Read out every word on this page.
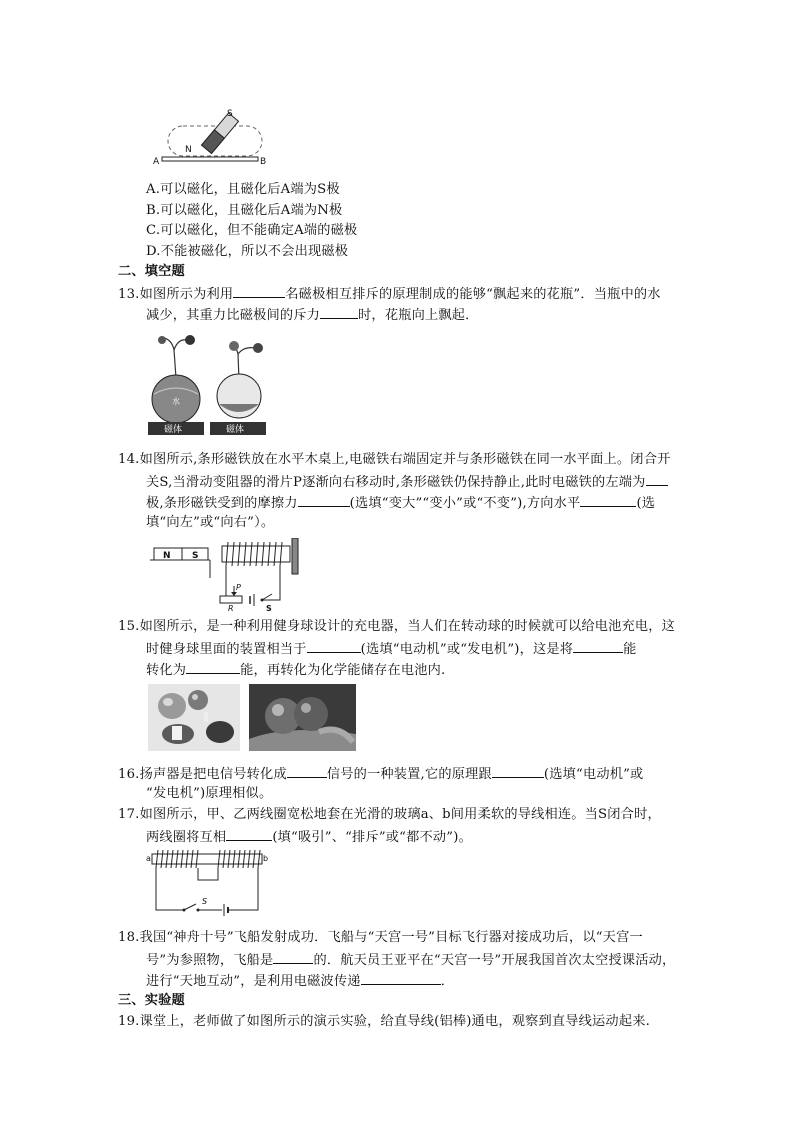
S
N
A	B
A.可以磁化，且磁化后A端为S极
B.可以磁化，且磁化后A端为N极
C.可以磁化，但不能确定A端的磁极
D.不能被磁化，所以不会出现磁极
二、填空题
13.如图所示为利用	名磁极相互排斥的原理制成的能够“飘起来的花瓶”．当瓶中的水
减少，其重力比磁极间的斥力	时，花瓶向上飘起．
水
磁体	磁体
14.如图所示,条形磁铁放在水平木桌上,电磁铁右端固定并与条形磁铁在同一水平面上。闭合开
关S,当滑动变阻器的滑片P逐渐向右移动时,条形磁铁仍保持静止,此时电磁铁的左端为
极,条形磁铁受到的摩擦力	(选填“变大”“变小”或“不变”),方向水平	(选
填“向左”或“向右”）。
N S
P
R	S
15.如图所示，是一种利用健身球设计的充电器，当人们在转动球的时候就可以给电池充电，这
时健身球里面的装置相当于	(选填“电动机”或“发电机”)，这是将	能
转化为	能，再转化为化学能储存在电池内.
16.扬声器是把电信号转化成	信号的一种装置,它的原理跟	(选填“电动机”或
“发电机”)原理相似。
17.如图所示，甲、乙两线圈宽松地套在光滑的玻璃a、b间用柔软的导线相连。当S闭合时，
两线圈将互相	(填“吸引”、“排斥”或“都不动”)。
a	b
S
18.我国“神舟十号”飞船发射成功．飞船与“天宫一号”目标飞行器对接成功后，以“天宫一
号”为参照物，飞船是	的．航天员王亚平在“天宫一号”开展我国首次太空授课活动，
进行“天地互动”，是利用电磁波传递	．
三、实验题
19.课堂上，老师做了如图所示的演示实验，给直导线(铝棒)通电，观察到直导线运动起来.
